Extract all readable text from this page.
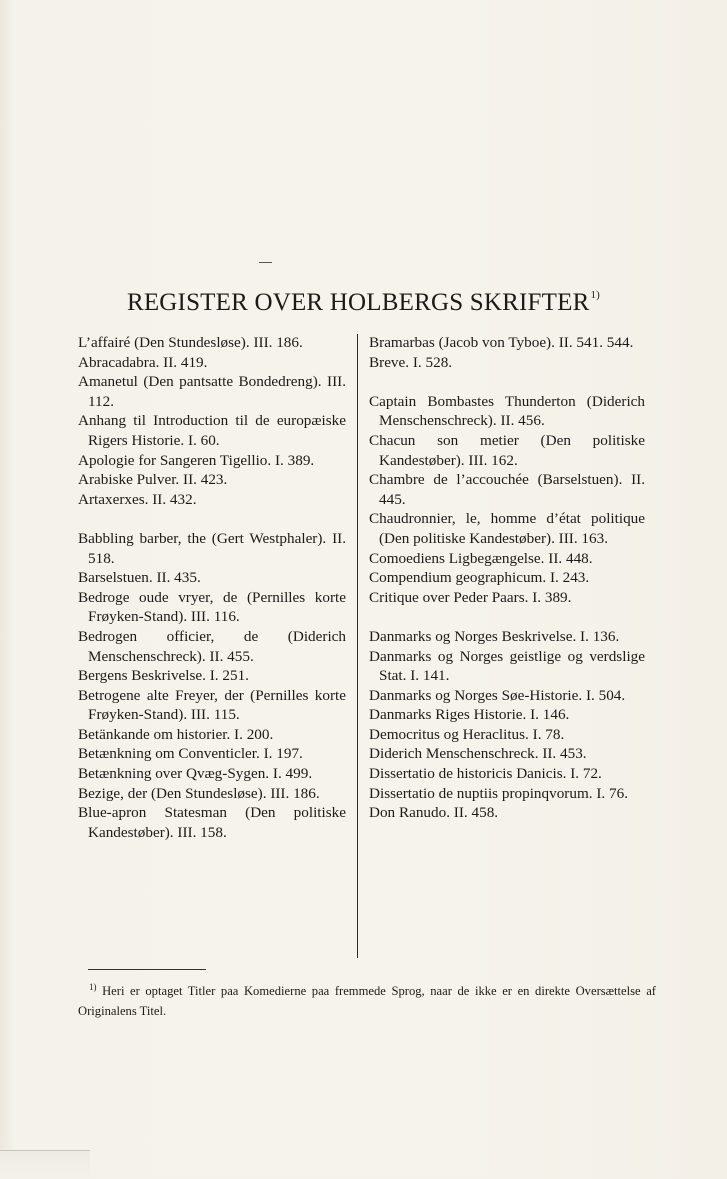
REGISTER OVER HOLBERGS SKRIFTER$^{1)}$
L’affairé (Den Stundesløse). III. 186.
Abracadabra. II. 419.
Amanetul (Den pantsatte Bondedreng). III. 112.
Anhang til Introduction til de europæiske Rigers Historie. I. 60.
Apologie for Sangeren Tigellio. I. 389.
Arabiske Pulver. II. 423.
Artaxerxes. II. 432.
Babbling barber, the (Gert Westphaler). II. 518.
Barselstuen. II. 435.
Bedroge oude vryer, de (Pernilles korte Frøyken-Stand). III. 116.
Bedrogen officier, de (Diderich Menschenschreck). II. 455.
Bergens Beskrivelse. I. 251.
Betrogene alte Freyer, der (Pernilles korte Frøyken-Stand). III. 115.
Betänkande om historier. I. 200.
Betænkning om Conventicler. I. 197.
Betænkning over Qvæg-Sygen. I. 499.
Bezige, der (Den Stundesløse). III. 186.
Blue-apron Statesman (Den politiske Kandestøber). III. 158.
Bramarbas (Jacob von Tyboe). II. 541. 544.
Breve. I. 528.
Captain Bombastes Thunderton (Diderich Menschenschreck). II. 456.
Chacun son metier (Den politiske Kandestøber). III. 162.
Chambre de l’accouchée (Barselstuen). II. 445.
Chaudronnier, le, homme d’état politique (Den politiske Kandestøber). III. 163.
Comoediens Ligbegængelse. II. 448.
Compendium geographicum. I. 243.
Critique over Peder Paars. I. 389.
Danmarks og Norges Beskrivelse. I. 136.
Danmarks og Norges geistlige og verdslige Stat. I. 141.
Danmarks og Norges Søe-Historie. I. 504.
Danmarks Riges Historie. I. 146.
Democritus og Heraclitus. I. 78.
Diderich Menschenschreck. II. 453.
Dissertatio de historicis Danicis. I. 72.
Dissertatio de nuptiis propinqvorum. I. 76.
Don Ranudo. II. 458.
$^{1)}$ Heri er optaget Titler paa Komedierne paa fremmede Sprog, naar de ikke er en direkte Oversættelse af Originalens Titel.
